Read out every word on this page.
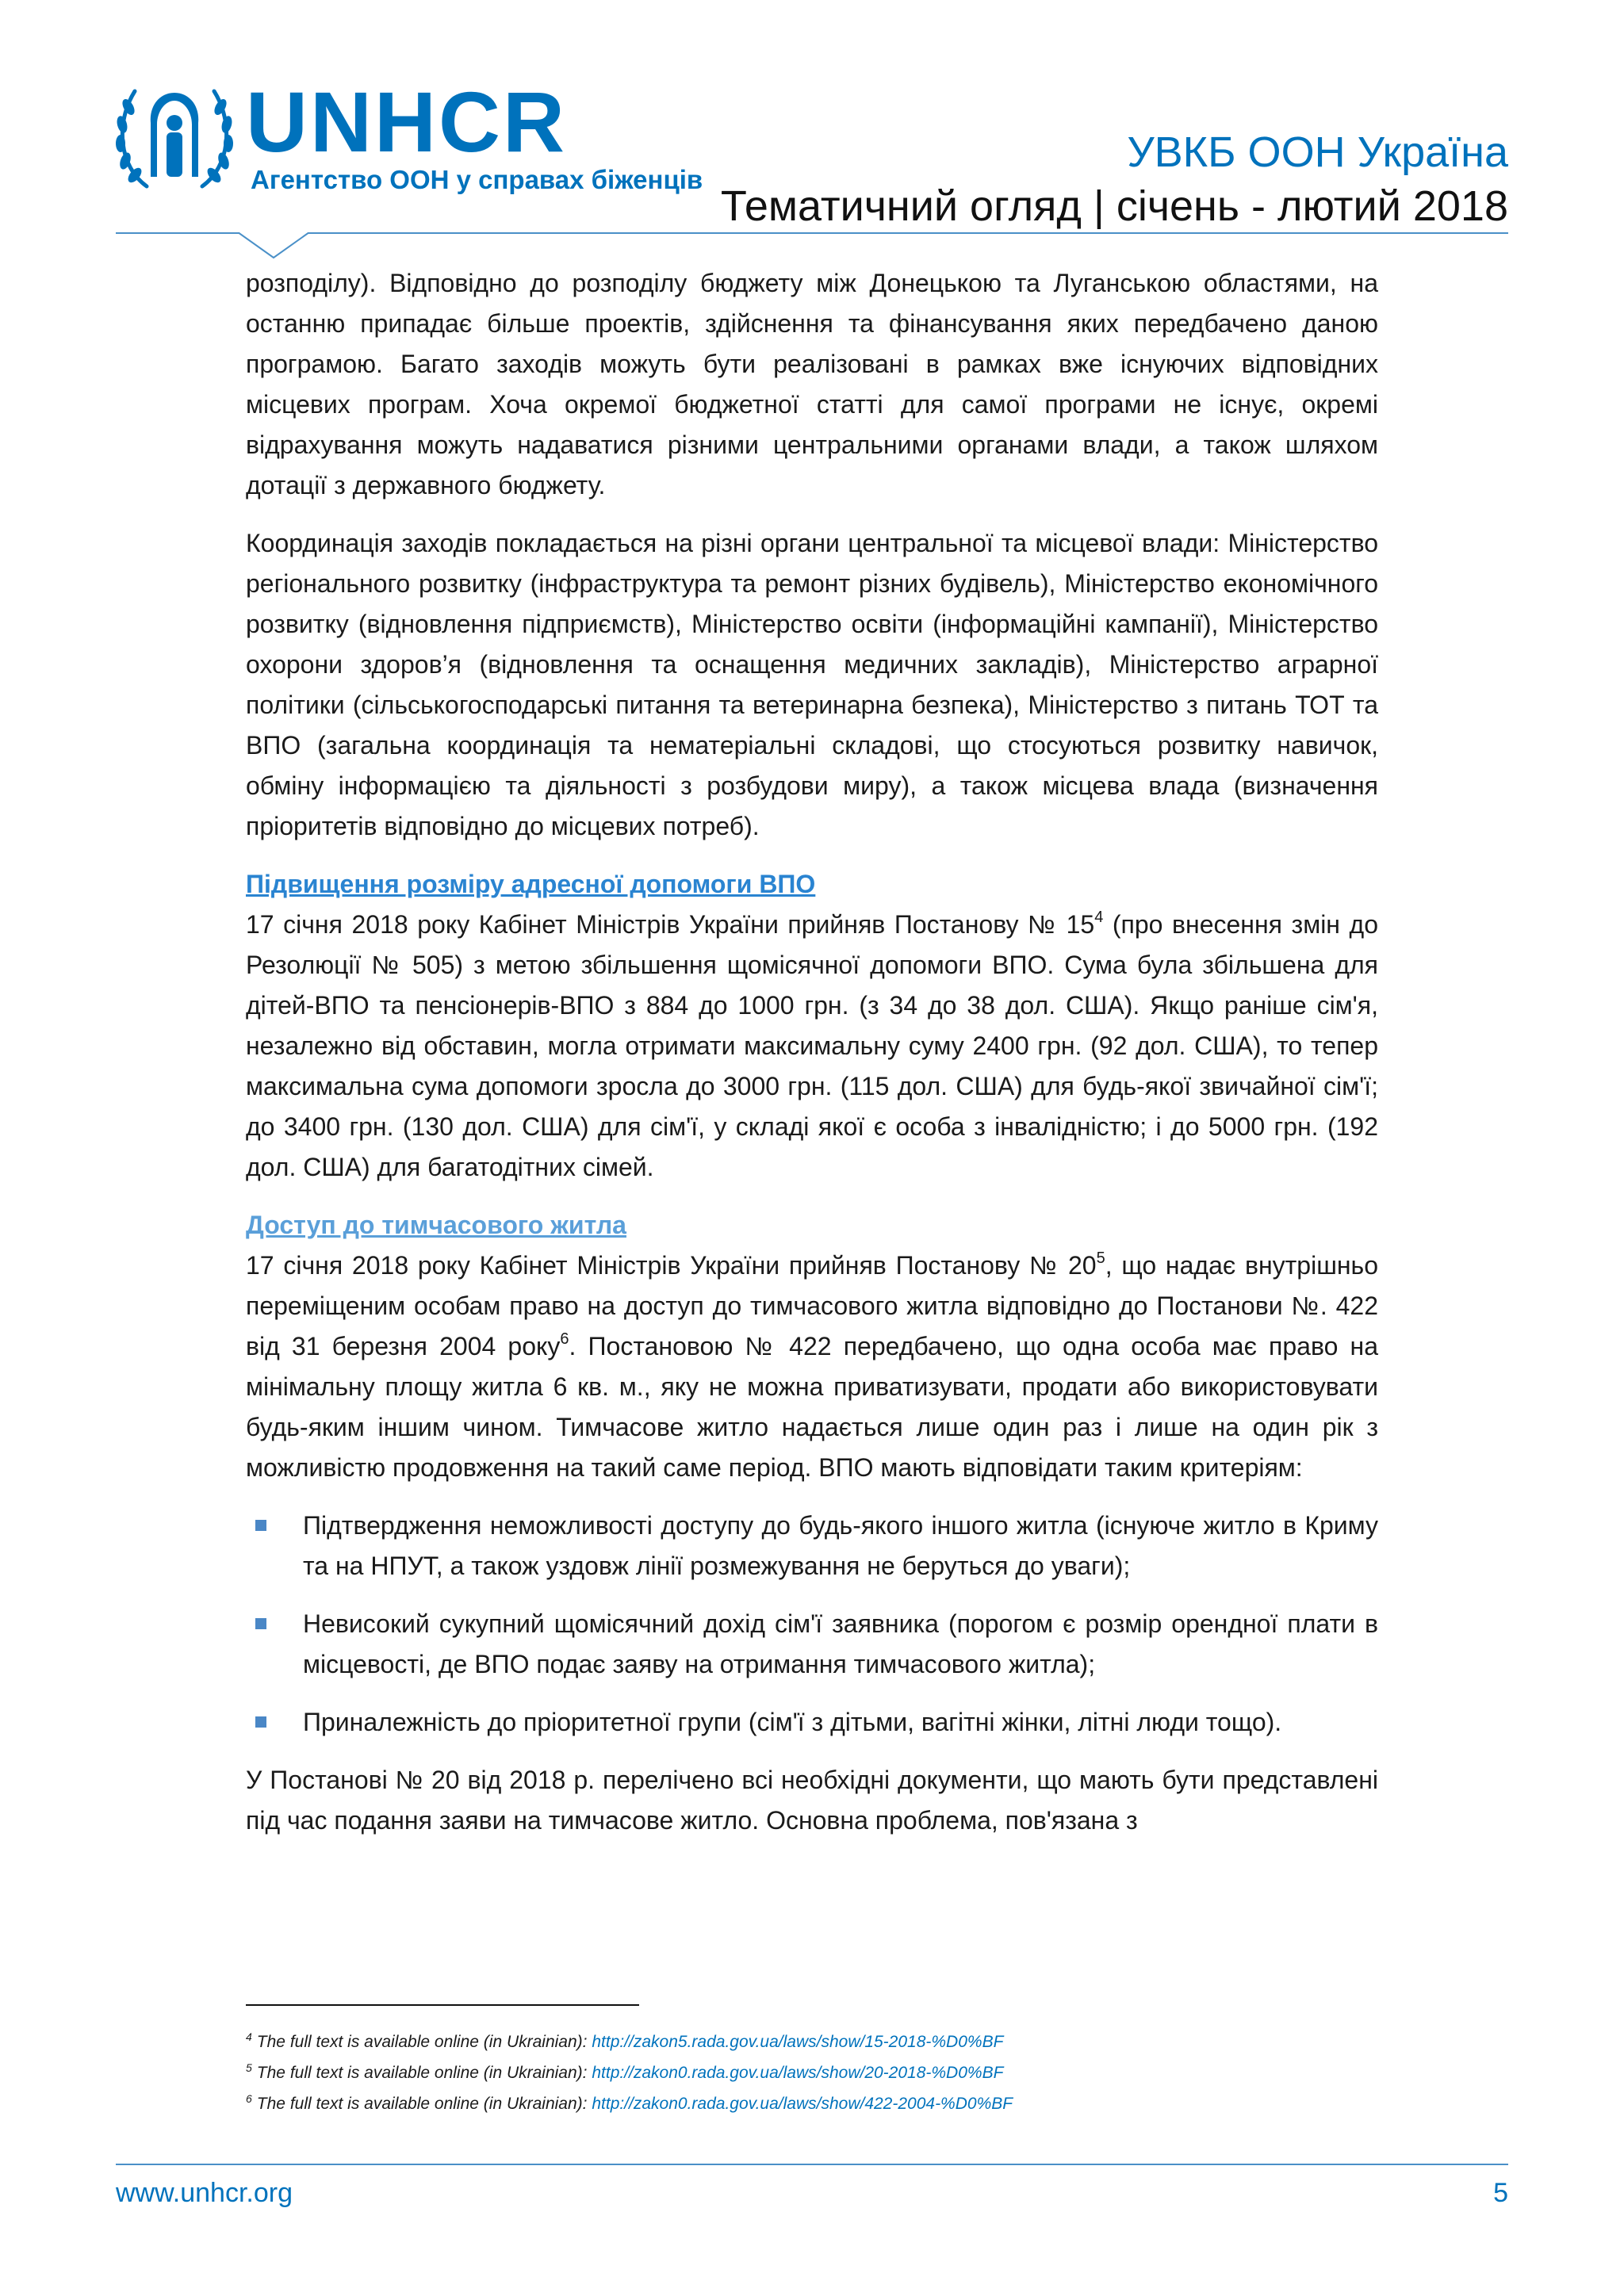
UNHCR
Агентство ООН у справах біженців
УВКБ ООН Україна
Тематичний огляд | січень - лютий 2018

розподілу). Відповідно до розподілу бюджету між Донецькою та Луганською областями, на останню припадає більше проектів, здійснення та фінансування яких передбачено даною програмою. Багато заходів можуть бути реалізовані в рамках вже існуючих відповідних місцевих програм. Хоча окремої бюджетної статті для самої програми не існує, окремі відрахування можуть надаватися різними центральними органами влади, а також шляхом дотації з державного бюджету.

Координація заходів покладається на різні органи центральної та місцевої влади: Міністерство регіонального розвитку (інфраструктура та ремонт різних будівель), Міністерство економічного розвитку (відновлення підприємств), Міністерство освіти (інформаційні кампанії), Міністерство охорони здоров’я (відновлення та оснащення медичних закладів), Міністерство аграрної політики (сільськогосподарські питання та ветеринарна безпека), Міністерство з питань ТОТ та ВПО (загальна координація та нематеріальні складові, що стосуються розвитку навичок, обміну інформацією та діяльності з розбудови миру), а також місцева влада (визначення пріоритетів відповідно до місцевих потреб).

Підвищення розміру адресної допомоги ВПО

17 січня 2018 року Кабінет Міністрів України прийняв Постанову № $15^4$ (про внесення змін до Резолюції № 505) з метою збільшення щомісячної допомоги ВПО. Сума була збільшена для дітей-ВПО та пенсіонерів-ВПО з 884 до 1000 грн. (з 34 до 38 дол. США). Якщо раніше сім'я, незалежно від обставин, могла отримати максимальну суму 2400 грн. (92 дол. США), то тепер максимальна сума допомоги зросла до 3000 грн. (115 дол. США) для будь-якої звичайної сім'ї; до 3400 грн. (130 дол. США) для сім'ї, у складі якої є особа з інвалідністю; і до 5000 грн. (192 дол. США) для багатодітних сімей.

Доступ до тимчасового житла

17 січня 2018 року Кабінет Міністрів України прийняв Постанову № $20^5$, що надає внутрішньо переміщеним особам право на доступ до тимчасового житла відповідно до Постанови №. 422 від 31 березня 2004 року$^6$. Постановою № 422 передбачено, що одна особа має право на мінімальну площу житла 6 кв. м., яку не можна приватизувати, продати або використовувати будь-яким іншим чином. Тимчасове житло надається лише один раз і лише на один рік з можливістю продовження на такий саме період. ВПО мають відповідати таким критеріям:

Підтвердження неможливості доступу до будь-якого іншого житла (існуюче житло в Криму та на НПУТ, а також уздовж лінії розмежування не беруться до уваги);
Невисокий сукупний щомісячний дохід сім'ї заявника (порогом є розмір орендної плати в місцевості, де ВПО подає заяву на отримання тимчасового житла);
Приналежність до пріоритетної групи (сім'ї з дітьми, вагітні жінки, літні люди тощо).

У Постанові № 20 від 2018 р. перелічено всі необхідні документи, що мають бути представлені під час подання заяви на тимчасове житло. Основна проблема, пов'язана з

$^4$ The full text is available online (in Ukrainian): http://zakon5.rada.gov.ua/laws/show/15-2018-%D0%BF
$^5$ The full text is available online (in Ukrainian): http://zakon0.rada.gov.ua/laws/show/20-2018-%D0%BF
$^6$ The full text is available online (in Ukrainian): http://zakon0.rada.gov.ua/laws/show/422-2004-%D0%BF
www.unhcr.org	5
